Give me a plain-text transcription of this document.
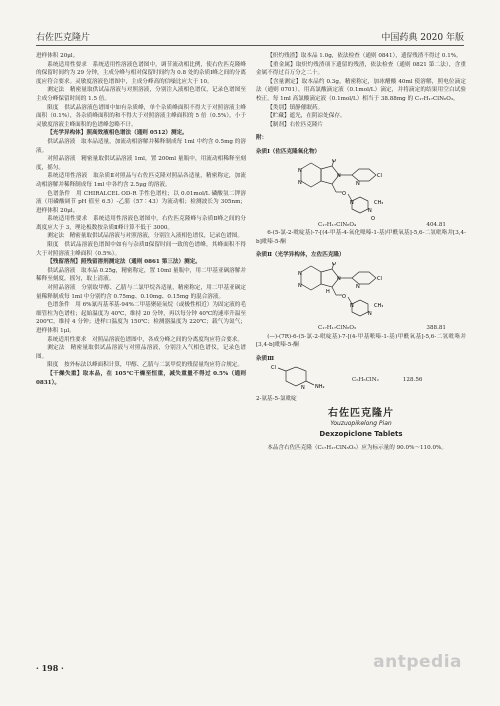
右佐匹克隆片	中国药典 2020 年版

进样体积 20μl。

系统适用性要求　系统适用性溶液色谱图中，调节流动相比例，使右佐匹克隆峰的保留时间约为 29 分钟，主成分峰与相对保留时间约为 0.8 处的杂质Ⅰ峰之间的分离度应符合要求。灵敏度溶液色谱图中，主成分峰高的信噪比应大于 10。

测定法　精密量取供试品溶液与对照溶液，分别注入液相色谱仪，记录色谱图至主成分峰保留时间的 1.5 倍。

限度　供试品溶液色谱图中如有杂质峰，单个杂质峰面积不得大于对照溶液主峰面积（0.1%），各杂质峰面积的和不得大于对照溶液主峰面积的 5 倍（0.5%），小于灵敏度溶液主峰面积的色谱峰忽略不计。

【光学异构体】照高效液相色谱法（通则 0512）测定。

供试品溶液　取本品适量，加流动相溶解并稀释制成每 1ml 中约含 0.5mg 的溶液。

对照品溶液　精密量取供试品溶液 1ml，置 200ml 量瓶中，用流动相稀释至刻度，摇匀。

系统适用性溶液　取杂质Ⅱ对照品与右佐匹克隆对照品各适量，精密称定，加流动相溶解并稀释制成每 1ml 中各约含 2.5μg 的溶液。

色谱条件　用 CHIRALCEL OD-R 手性色谱柱；以 0.01mol/L 磷酸氢二钾溶液（用磷酸调节 pH 值至 6.5）-乙腈（57∶43）为流动相；检测波长为 305nm；进样体积 20μl。

系统适用性要求　系统适用性溶液色谱图中，右佐匹克隆峰与杂质Ⅱ峰之间的分离度应大于 3，理论板数按杂质Ⅱ峰计算不低于 3000。

测定法　精密量取供试品溶液与对照溶液，分别注入液相色谱仪，记录色谱图。

限度　供试品溶液色谱图中如有与杂质Ⅱ保留时间一致的色谱峰，其峰面积不得大于对照溶液主峰面积（0.5%）。

【残留溶剂】照残留溶剂测定法（通则 0861 第三法）测定。

供试品溶液　取本品 0.25g，精密称定，置 10ml 量瓶中，用二甲基亚砜溶解并稀释至刻度，摇匀，取上清液。

对照品溶液　分别取甲醇、乙腈与二氯甲烷各适量，精密称定，用二甲基亚砜定量稀释制成每 1ml 中分别约含 0.75mg、0.10mg、0.15mg 的混合溶液。

色谱条件　用 6%氰丙基苯基-94%二甲基聚硅氧烷（或极性相近）为固定液的毛细管柱为色谱柱；起始温度为 40℃，维持 20 分钟，再以每分钟 40℃的速率升温至 200℃，维持 4 分钟；进样口温度为 150℃；检测器温度为 220℃；载气为氮气；进样体积 1μl。

系统适用性要求　对照品溶液色谱图中，各成分峰之间的分离度均应符合要求。

测定法　精密量取供试品溶液与对照品溶液，分别注入气相色谱仪，记录色谱图。

限度　按外标法以峰面积计算，甲醇、乙腈与二氯甲烷的残留量均应符合规定。

【干燥失重】取本品，在 105℃干燥至恒重，减失重量不得过 0.5%（通则 0831）。

【炽灼残渣】取本品 1.0g，依法检查（通则 0841），遗留残渣不得过 0.1%。

【重金属】取炽灼残渣项下遗留的残渣，依法检查（通则 0821 第二法），含重金属不得过百万分之二十。

【含量测定】取本品约 0.3g，精密称定，加冰醋酸 40ml 使溶解，照电位滴定法（通则 0701），用高氯酸滴定液（0.1mol/L）滴定，并将滴定的结果用空白试验校正。每 1ml 高氯酸滴定液（0.1mol/L）相当于 38.88mg 的 C₁₇H₁₇ClN₆O₃。

【类别】镇静催眠药。

【贮藏】遮光，在阴凉处保存。

【制剂】右佐匹克隆片

附：

杂质Ⅰ（佐匹克隆氧化物）

N
N
N
N
O
O
N
N
CH₃
O
Cl
C₁₇H₁₇ClN₆O₄	404.81

6-(5-氯-2-吡啶基)-7-[(4-甲基-4-氧化哌嗪-1-基)甲酰氧基]-5,6-二氢吡咯并[3,4-b]吡嗪-5-酮

杂质Ⅱ（光学异构体，左佐匹克隆）

N
N
N
N
O
O
H
N
N
CH₃
Cl
C₁₇H₁₇ClN₆O₃	388.81

(—)-(7R)-6-(5-氯-2-吡啶基)-7-[(4-甲基哌嗪-1-基)甲酰氧基]-5,6-二氢吡咯并[3,4-b]吡嗪-5-酮

杂质Ⅲ

Cl
N NH₂
C₅H₅ClN₂	128.56

2-氨基-5-氯吡啶

右佐匹克隆片
Youzuopikelong Pian
Dexzopiclone Tablets

本品含右佐匹克隆（C₁₇H₁₇ClN₆O₃）应为标示量的 90.0%～110.0%。

· 198 ·	antpedia
